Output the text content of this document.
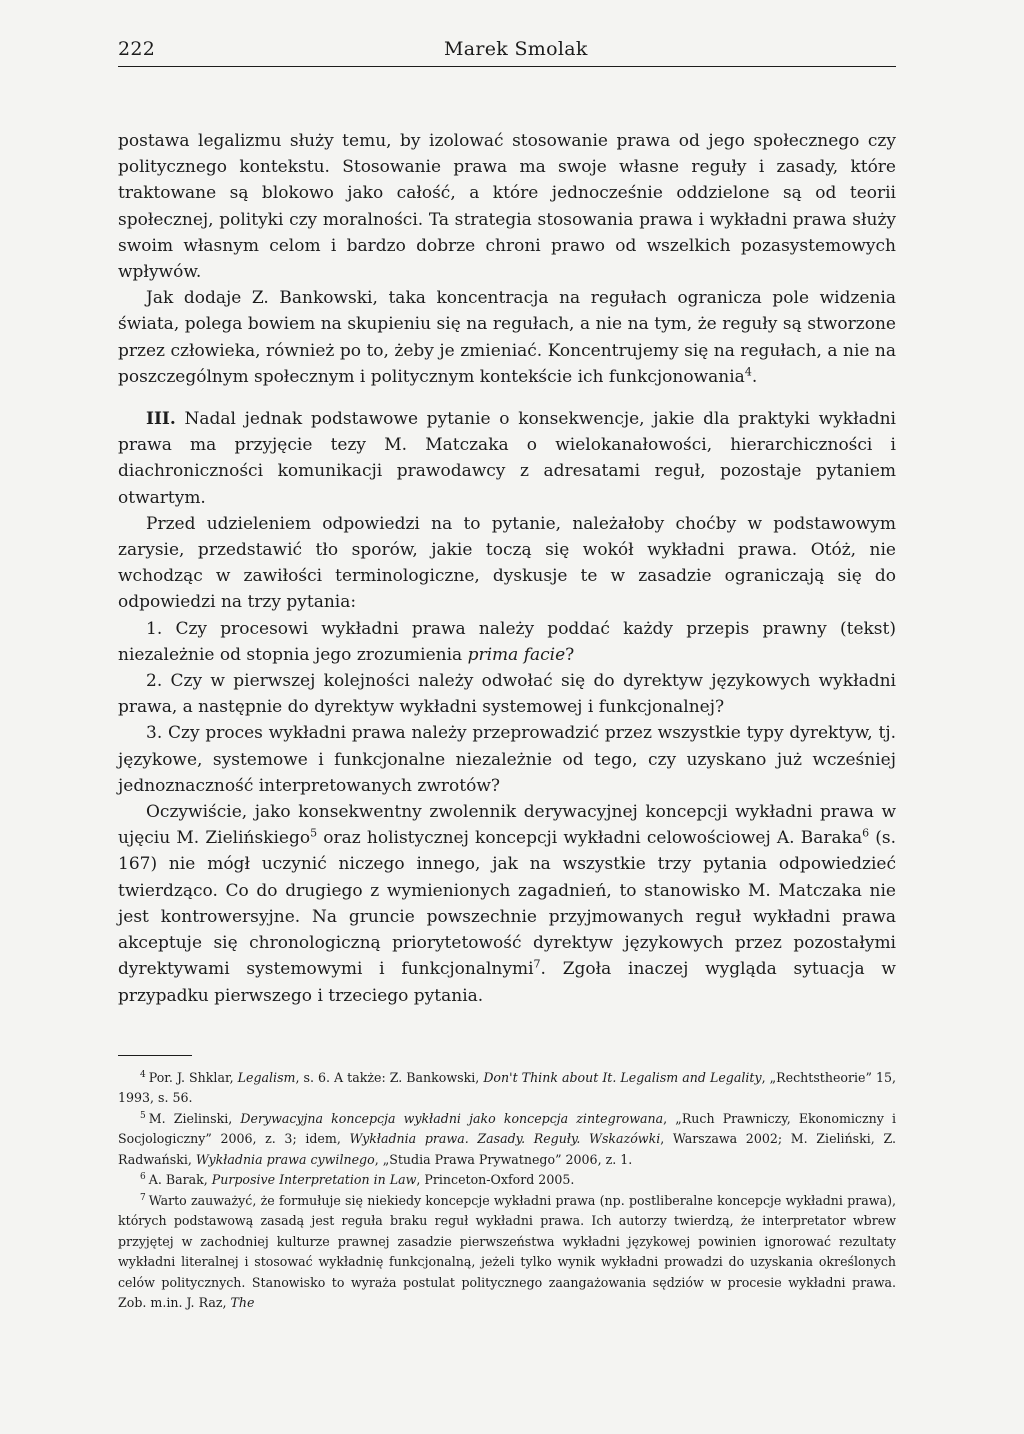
222	Marek Smolak

postawa legalizmu służy temu, by izolować stosowanie prawa od jego społecznego czy politycznego kontekstu. Stosowanie prawa ma swoje własne reguły i zasady, które traktowane są blokowo jako całość, a które jednocześnie oddzielone są od teorii społecznej, polityki czy moralności. Ta strategia stosowania prawa i wykładni prawa służy swoim własnym celom i bardzo dobrze chroni prawo od wszelkich pozasystemowych wpływów.

Jak dodaje Z. Bankowski, taka koncentracja na regułach ogranicza pole widzenia świata, polega bowiem na skupieniu się na regułach, a nie na tym, że reguły są stworzone przez człowieka, również po to, żeby je zmieniać. Koncentrujemy się na regułach, a nie na poszczególnym społecznym i politycznym kontekście ich funkcjonowania$^4$.

III. Nadal jednak podstawowe pytanie o konsekwencje, jakie dla praktyki wykładni prawa ma przyjęcie tezy M. Matczaka o wielokanałowości, hierarchiczności i diachroniczności komunikacji prawodawcy z adresatami reguł, pozostaje pytaniem otwartym.

Przed udzieleniem odpowiedzi na to pytanie, należałoby choćby w podstawowym zarysie, przedstawić tło sporów, jakie toczą się wokół wykładni prawa. Otóż, nie wchodząc w zawiłości terminologiczne, dyskusje te w zasadzie ograniczają się do odpowiedzi na trzy pytania:

1. Czy procesowi wykładni prawa należy poddać każdy przepis prawny (tekst) niezależnie od stopnia jego zrozumienia prima facie?

2. Czy w pierwszej kolejności należy odwołać się do dyrektyw językowych wykładni prawa, a następnie do dyrektyw wykładni systemowej i funkcjonalnej?

3. Czy proces wykładni prawa należy przeprowadzić przez wszystkie typy dyrektyw, tj. językowe, systemowe i funkcjonalne niezależnie od tego, czy uzyskano już wcześniej jednoznaczność interpretowanych zwrotów?

Oczywiście, jako konsekwentny zwolennik derywacyjnej koncepcji wykładni prawa w ujęciu M. Zielińskiego$^5$ oraz holistycznej koncepcji wykładni celowościowej A. Baraka$^6$ (s. 167) nie mógł uczynić niczego innego, jak na wszystkie trzy pytania odpowiedzieć twierdząco. Co do drugiego z wymienionych zagadnień, to stanowisko M. Matczaka nie jest kontrowersyjne. Na gruncie powszechnie przyjmowanych reguł wykładni prawa akceptuje się chronologiczną priorytetowość dyrektyw językowych przez pozostałymi dyrektywami systemowymi i funkcjonalnymi$^7$. Zgoła inaczej wygląda sytuacja w przypadku pierwszego i trzeciego pytania.

$^4$ Por. J. Shklar, Legalism, s. 6. A także: Z. Bankowski, Don't Think about It. Legalism and Legality, „Rechtstheorie” 15, 1993, s. 56.

$^5$ M. Zielinski, Derywacyjna koncepcja wykładni jako koncepcja zintegrowana, „Ruch Prawniczy, Ekonomiczny i Socjologiczny” 2006, z. 3; idem, Wykładnia prawa. Zasady. Reguły. Wskazówki, Warszawa 2002; M. Zieliński, Z. Radwański, Wykładnia prawa cywilnego, „Studia Prawa Prywatnego” 2006, z. 1.

$^6$ A. Barak, Purposive Interpretation in Law, Princeton-Oxford 2005.

$^7$ Warto zauważyć, że formułuje się niekiedy koncepcje wykładni prawa (np. postliberalne koncepcje wykładni prawa), których podstawową zasadą jest reguła braku reguł wykładni prawa. Ich autorzy twierdzą, że interpretator wbrew przyjętej w zachodniej kulturze prawnej zasadzie pierwszeństwa wykładni językowej powinien ignorować rezultaty wykładni literalnej i stosować wykładnię funkcjonalną, jeżeli tylko wynik wykładni prowadzi do uzyskania określonych celów politycznych. Stanowisko to wyraża postulat politycznego zaangażowania sędziów w procesie wykładni prawa. Zob. m.in. J. Raz, The
